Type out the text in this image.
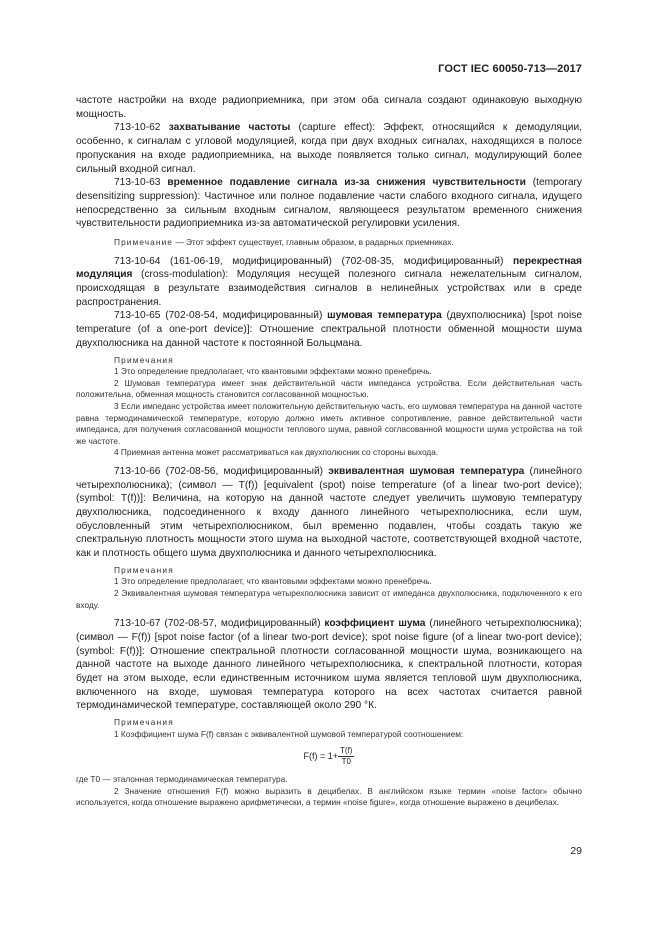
ГОСТ IEC 60050-713—2017

частоте настройки на входе радиоприемника, при этом оба сигнала создают одинаковую выходную мощность.

713-10-62 захватывание частоты (capture effect): Эффект, относящийся к демодуляции, особенно, к сигналам с угловой модуляцией, когда при двух входных сигналах, находящихся в полосе пропускания на входе радиоприемника, на выходе появляется только сигнал, модулирующий более сильный входной сигнал.

713-10-63 временное подавление сигнала из-за снижения чувствительности (temporary desensitizing suppression): Частичное или полное подавление части слабого входного сигнала, идущего непосредственно за сильным входным сигналом, являющееся результатом временного снижения чувствительности радиоприемника из-за автоматической регулировки усиления.

Примечание — Этот эффект существует, главным образом, в радарных приемниках.

713-10-64 (161-06-19, модифицированный) (702-08-35, модифицированный) перекрестная модуляция (cross-modulation): Модуляция несущей полезного сигнала нежелательным сигналом, происходящая в результате взаимодействия сигналов в нелинейных устройствах или в среде распространения.

713-10-65 (702-08-54, модифицированный) шумовая температура (двухполюсника) [spot noise temperature (of a one-port device)]: Отношение спектральной плотности обменной мощности шума двухполюсника на данной частоте к постоянной Больцмана.

Примечания

1 Это определение предполагает, что квантовыми эффектами можно пренебречь.

2 Шумовая температура имеет знак действительной части импеданса устройства. Если действительная часть положительна, обменная мощность становится согласованной мощностью.

3 Если импеданс устройства имеет положительную действительную часть, его шумовая температура на данной частоте равна термодинамической температуре, которую должно иметь активное сопротивление, равное действительной части импеданса, для получения согласованной мощности теплового шума, равной согласованной мощности шума устройства на той же частоте.

4 Приемная антенна может рассматриваться как двухполюсник со стороны выхода.

713-10-66 (702-08-56, модифицированный) эквивалентная шумовая температура (линейного четырехполюсника); (символ — T(f)) [equivalent (spot) noise temperature (of a linear two-port device); (symbol: T(f))]: Величина, на которую на данной частоте следует увеличить шумовую температуру двухполюсника, подсоединенного к входу данного линейного четырехполюсника, если шум, обусловленный этим четырехполюсником, был временно подавлен, чтобы создать такую же спектральную плотность мощности этого шума на выходной частоте, соответствующей входной частоте, как и плотность общего шума двухполюсника и данного четырехполюсника.

Примечания

1 Это определение предполагает, что квантовыми эффектами можно пренебречь.

2 Эквивалентная шумовая температура четырехполюсника зависит от импеданса двухполюсника, подключенного к его входу.

713-10-67 (702-08-57, модифицированный) коэффициент шума (линейного четырехполюсника); (символ — F(f)) [spot noise factor (of a linear two-port device); spot noise figure (of a linear two-port device); (symbol: F(f))]: Отношение спектральной плотности согласованной мощности шума, возникающего на данной частоте на выходе данного линейного четырехполюсника, к спектральной плотности, которая будет на этом выходе, если единственным источником шума является тепловой шум двухполюсника, включенного на входе, шумовая температура которого на всех частотах считается равной термодинамической температуре, составляющей около 290 °К.

Примечания

1 Коэффициент шума F(f) связан с эквивалентной шумовой температурой соотношением:

$F(f) = 1+ \frac{T(f)}{T0}$

где T0 — эталонная термодинамическая температура.

2 Значение отношения F(f) можно выразить в децибелах. В английском языке термин «noise factor» обычно используется, когда отношение выражено арифметически, а термин «noise figure», когда отношение выражено в децибелах.

29
